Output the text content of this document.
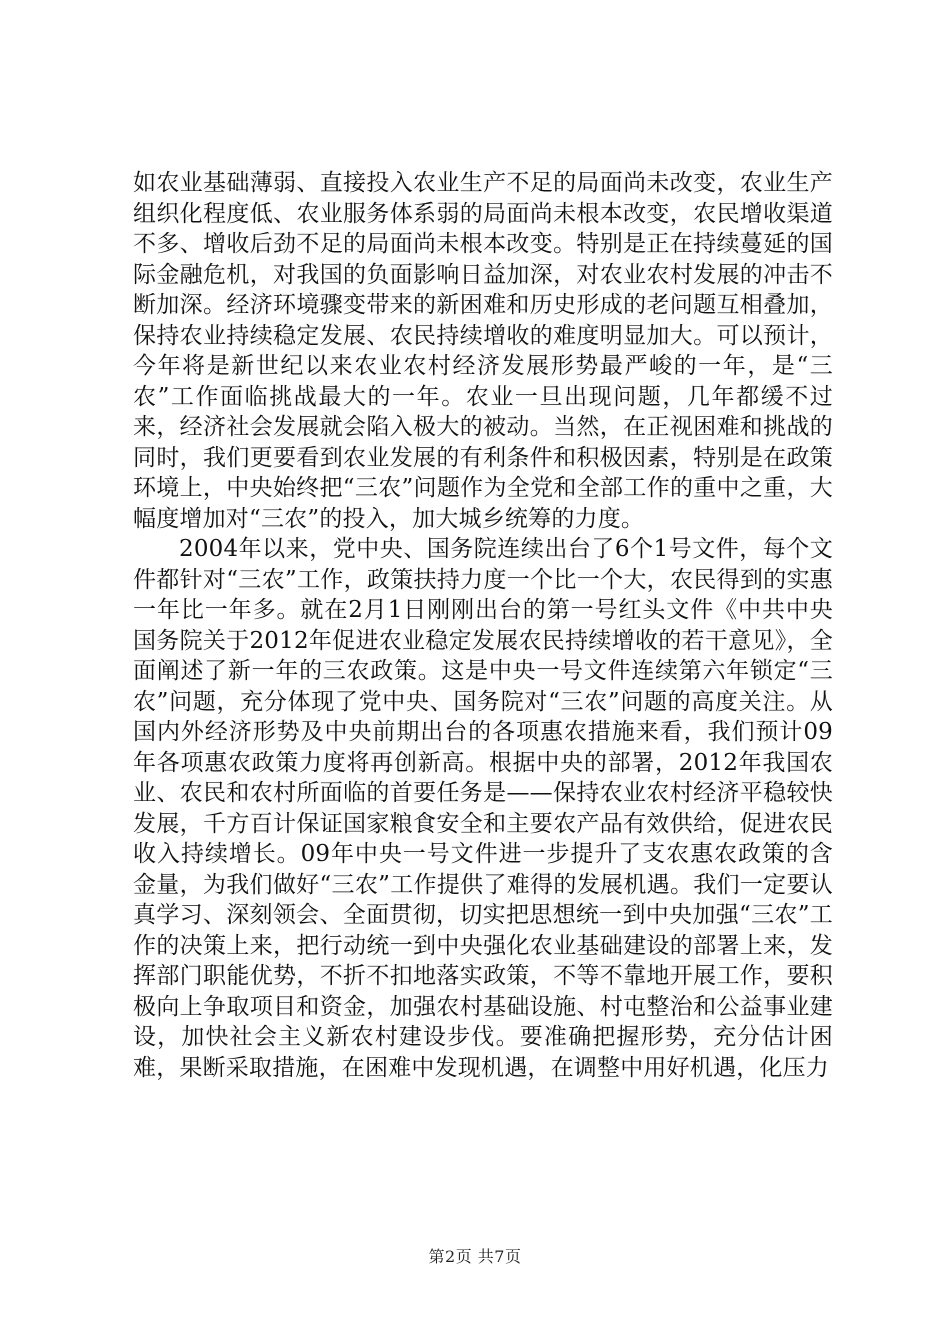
如农业基础薄弱、直接投入农业生产不足的局面尚未改变，农业生产组织化程度低、农业服务体系弱的局面尚未根本改变，农民增收渠道不多、增收后劲不足的局面尚未根本改变。特别是正在持续蔓延的国际金融危机，对我国的负面影响日益加深，对农业农村发展的冲击不断加深。经济环境骤变带来的新困难和历史形成的老问题互相叠加，保持农业持续稳定发展、农民持续增收的难度明显加大。可以预计，今年将是新世纪以来农业农村经济发展形势最严峻的一年，是“三农”工作面临挑战最大的一年。农业一旦出现问题，几年都缓不过来，经济社会发展就会陷入极大的被动。当然，在正视困难和挑战的同时，我们更要看到农业发展的有利条件和积极因素，特别是在政策环境上，中央始终把“三农”问题作为全党和全部工作的重中之重，大幅度增加对“三农”的投入，加大城乡统筹的力度。

2004年以来，党中央、国务院连续出台了6个1号文件，每个文件都针对“三农”工作，政策扶持力度一个比一个大，农民得到的实惠一年比一年多。就在2月1日刚刚出台的第一号红头文件《中共中央国务院关于2012年促进农业稳定发展农民持续增收的若干意见》，全面阐述了新一年的三农政策。这是中央一号文件连续第六年锁定“三农”问题，充分体现了党中央、国务院对“三农”问题的高度关注。从国内外经济形势及中央前期出台的各项惠农措施来看，我们预计09年各项惠农政策力度将再创新高。根据中央的部署，2012年我国农业、农民和农村所面临的首要任务是——保持农业农村经济平稳较快发展，千方百计保证国家粮食安全和主要农产品有效供给，促进农民收入持续增长。09年中央一号文件进一步提升了支农惠农政策的含金量，为我们做好“三农”工作提供了难得的发展机遇。我们一定要认真学习、深刻领会、全面贯彻，切实把思想统一到中央加强“三农”工作的决策上来，把行动统一到中央强化农业基础建设的部署上来，发挥部门职能优势，不折不扣地落实政策，不等不靠地开展工作，要积极向上争取项目和资金，加强农村基础设施、村屯整治和公益事业建设，加快社会主义新农村建设步伐。要准确把握形势，充分估计困难，果断采取措施，在困难中发现机遇，在调整中用好机遇，化压力

第2页 共7页
